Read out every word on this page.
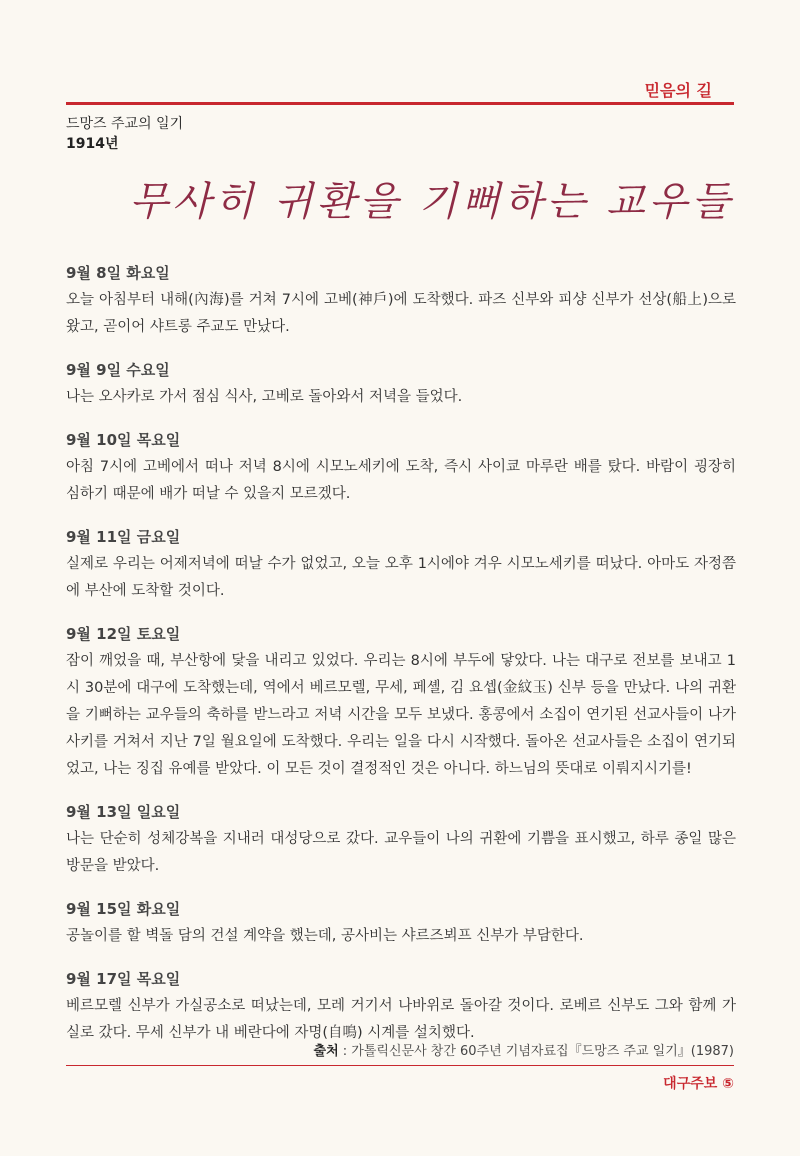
믿음의 길
드망즈 주교의 일기
1914년
무사히 귀환을 기뻐하는 교우들

9월 8일 화요일

오늘 아침부터 내해(內海)를 거쳐 7시에 고베(神戶)에 도착했다. 파즈 신부와 피샹 신부가 선상(船上)으로 왔고, 곧이어 샤트롱 주교도 만났다.

9월 9일 수요일

나는 오사카로 가서 점심 식사, 고베로 돌아와서 저녁을 들었다.

9월 10일 목요일

아침 7시에 고베에서 떠나 저녁 8시에 시모노세키에 도착, 즉시 사이쿄 마루란 배를 탔다. 바람이 굉장히 심하기 때문에 배가 떠날 수 있을지 모르겠다.

9월 11일 금요일

실제로 우리는 어제저녁에 떠날 수가 없었고, 오늘 오후 1시에야 겨우 시모노세키를 떠났다. 아마도 자정쯤에 부산에 도착할 것이다.

9월 12일 토요일

잠이 깨었을 때, 부산항에 닻을 내리고 있었다. 우리는 8시에 부두에 닿았다. 나는 대구로 전보를 보내고 1시 30분에 대구에 도착했는데, 역에서 베르모렐, 무세, 페셸, 김 요셉(金紋玉) 신부 등을 만났다. 나의 귀환을 기뻐하는 교우들의 축하를 받느라고 저녁 시간을 모두 보냈다. 홍콩에서 소집이 연기된 선교사들이 나가사키를 거쳐서 지난 7일 월요일에 도착했다. 우리는 일을 다시 시작했다. 돌아온 선교사들은 소집이 연기되었고, 나는 징집 유예를 받았다. 이 모든 것이 결정적인 것은 아니다. 하느님의 뜻대로 이뤄지시기를!

9월 13일 일요일

나는 단순히 성체강복을 지내러 대성당으로 갔다. 교우들이 나의 귀환에 기쁨을 표시했고, 하루 종일 많은 방문을 받았다.

9월 15일 화요일

공놀이를 할 벽돌 담의 건설 계약을 했는데, 공사비는 샤르즈뵈프 신부가 부담한다.

9월 17일 목요일

베르모렐 신부가 가실공소로 떠났는데, 모레 거기서 나바위로 돌아갈 것이다. 로베르 신부도 그와 함께 가실로 갔다. 무세 신부가 내 베란다에 자명(自鳴) 시계를 설치했다.

출처 : 가톨릭신문사 창간 60주년 기념자료집『드망즈 주교 일기』(1987)
대구주보 ⑤
